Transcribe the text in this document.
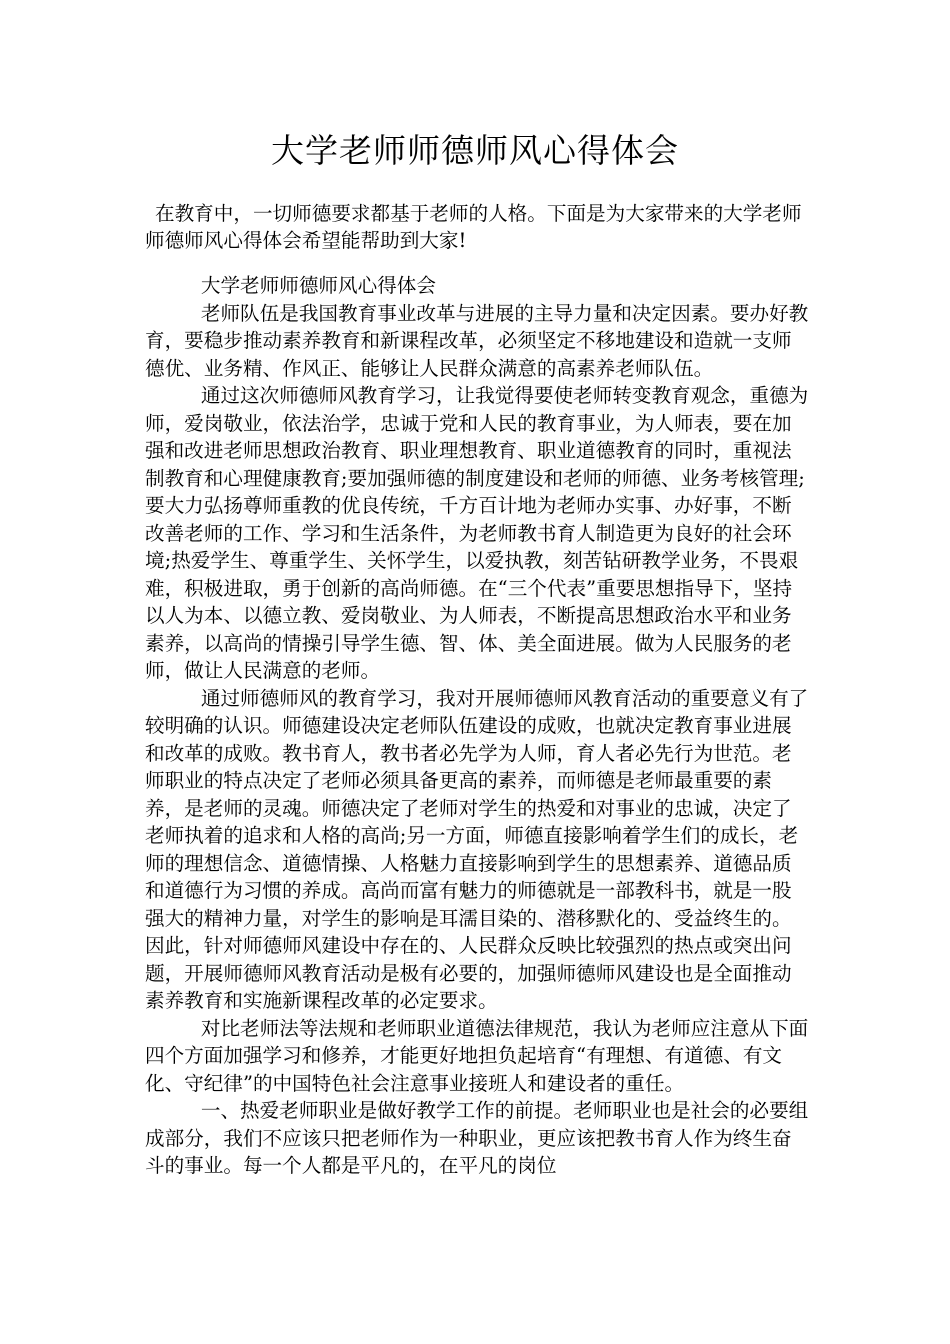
大学老师师德师风心得体会

在教育中，一切师德要求都基于老师的人格。下面是为大家带来的大学老师师德师风心得体会希望能帮助到大家!

大学老师师德师风心得体会

老师队伍是我国教育事业改革与进展的主导力量和决定因素。要办好教育，要稳步推动素养教育和新课程改革，必须坚定不移地建设和造就一支师德优、业务精、作风正、能够让人民群众满意的高素养老师队伍。

通过这次师德师风教育学习，让我觉得要使老师转变教育观念，重德为师，爱岗敬业，依法治学，忠诚于党和人民的教育事业，为人师表，要在加强和改进老师思想政治教育、职业理想教育、职业道德教育的同时，重视法制教育和心理健康教育;要加强师德的制度建设和老师的师德、业务考核管理;要大力弘扬尊师重教的优良传统，千方百计地为老师办实事、办好事，不断改善老师的工作、学习和生活条件，为老师教书育人制造更为良好的社会环境;热爱学生、尊重学生、关怀学生，以爱执教，刻苦钻研教学业务，不畏艰难，积极进取，勇于创新的高尚师德。在“三个代表”重要思想指导下，坚持以人为本、以德立教、爱岗敬业、为人师表，不断提高思想政治水平和业务素养，以高尚的情操引导学生德、智、体、美全面进展。做为人民服务的老师，做让人民满意的老师。

通过师德师风的教育学习，我对开展师德师风教育活动的重要意义有了较明确的认识。师德建设决定老师队伍建设的成败，也就决定教育事业进展和改革的成败。教书育人，教书者必先学为人师，育人者必先行为世范。老师职业的特点决定了老师必须具备更高的素养，而师德是老师最重要的素养，是老师的灵魂。师德决定了老师对学生的热爱和对事业的忠诚，决定了老师执着的追求和人格的高尚;另一方面，师德直接影响着学生们的成长，老师的理想信念、道德情操、人格魅力直接影响到学生的思想素养、道德品质和道德行为习惯的养成。高尚而富有魅力的师德就是一部教科书，就是一股强大的精神力量，对学生的影响是耳濡目染的、潜移默化的、受益终生的。因此，针对师德师风建设中存在的、人民群众反映比较强烈的热点或突出问题，开展师德师风教育活动是极有必要的，加强师德师风建设也是全面推动素养教育和实施新课程改革的必定要求。

对比老师法等法规和老师职业道德法律规范，我认为老师应注意从下面四个方面加强学习和修养，才能更好地担负起培育“有理想、有道德、有文化、守纪律”的中国特色社会注意事业接班人和建设者的重任。

一、热爱老师职业是做好教学工作的前提。老师职业也是社会的必要组成部分，我们不应该只把老师作为一种职业，更应该把教书育人作为终生奋斗的事业。每一个人都是平凡的，在平凡的岗位
